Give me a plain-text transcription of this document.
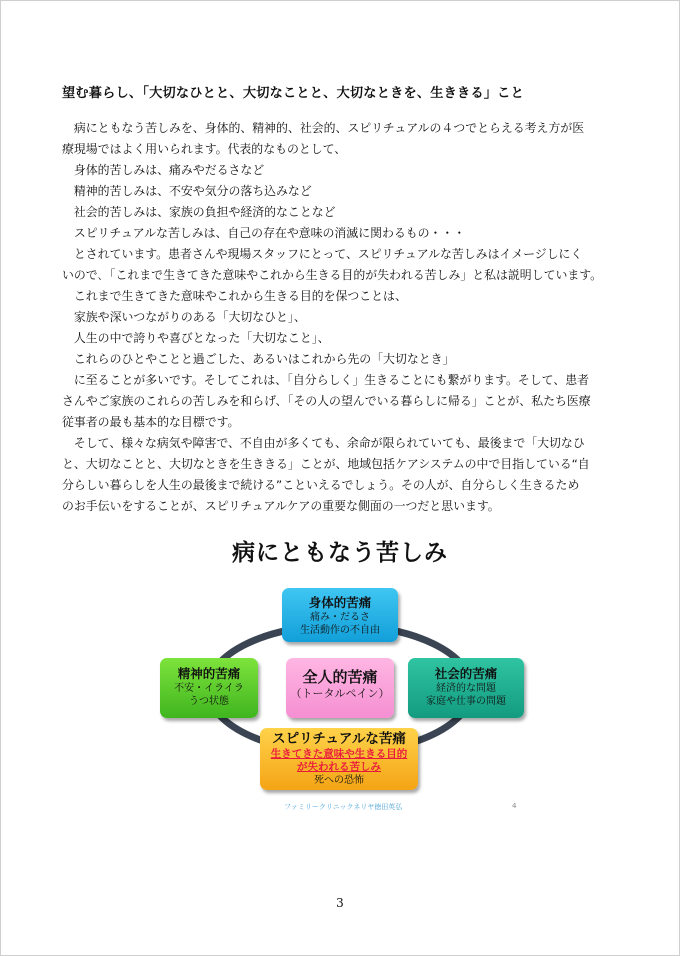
望む暮らし、「大切なひとと、大切なことと、大切なときを、生ききる」こと
　病にともなう苦しみを、身体的、精神的、社会的、スピリチュアルの４つでとらえる考え方が医
療現場ではよく用いられます。代表的なものとして、
　身体的苦しみは、痛みやだるさなど
　精神的苦しみは、不安や気分の落ち込みなど
　社会的苦しみは、家族の負担や経済的なことなど
　スピリチュアルな苦しみは、自己の存在や意味の消滅に関わるもの・・・
　とされています。患者さんや現場スタッフにとって、スピリチュアルな苦しみはイメージしにく
いので､「これまで生きてきた意味やこれから生きる目的が失われる苦しみ」と私は説明しています。
　これまで生きてきた意味やこれから生きる目的を保つことは、
　家族や深いつながりのある「大切なひと」、
　人生の中で誇りや喜びとなった「大切なこと」、
　これらのひとやことと過ごした、あるいはこれから先の「大切なとき」
　に至ることが多いです。そしてこれは、「自分らしく」生きることにも繋がります。そして、患者
さんやご家族のこれらの苦しみを和らげ、「その人の望んでいる暮らしに帰る」ことが、私たち医療
従事者の最も基本的な目標です。
　そして、様々な病気や障害で、不自由が多くても、余命が限られていても、最後まで「大切なひ
と、大切なことと、大切なときを生ききる」ことが、地域包括ケアシステムの中で目指している“自
分らしい暮らしを人生の最後まで続ける”こといえるでしょう。その人が、自分らしく生きるため
のお手伝いをすることが、スピリチュアルケアの重要な側面の一つだと思います。
病にともなう苦しみ
身体的苦痛
痛み・だるさ
生活動作の不自由
精神的苦痛
不安・イライラ
うつ状態
全人的苦痛
（トータルペイン）
社会的苦痛
経済的な問題
家庭や仕事の問題
スピリチュアルな苦痛
生きてきた意味や生きる目的
が失われる苦しみ
死への恐怖
ファミリークリニックネリヤ徳田英弘	4
3
